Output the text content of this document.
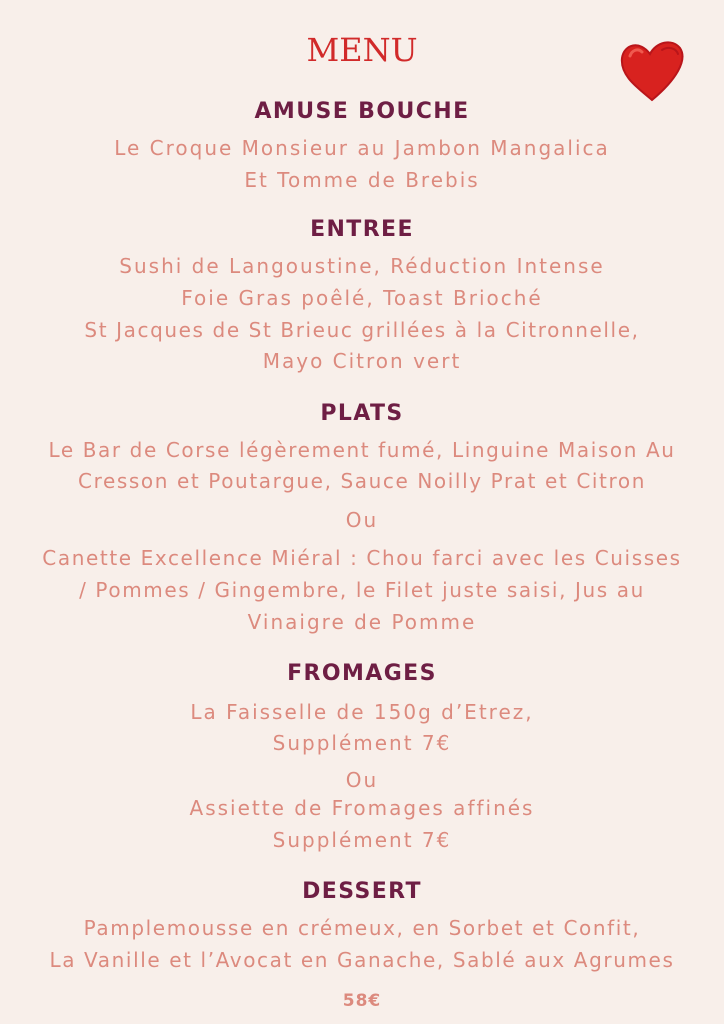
MENU
AMUSE BOUCHE
Le Croque Monsieur au Jambon Mangalica
Et Tomme de Brebis
ENTREE
Sushi de Langoustine, Réduction Intense
Foie Gras poêlé, Toast Brioché
St Jacques de St Brieuc grillées à la Citronnelle,
Mayo Citron vert
PLATS
Le Bar de Corse légèrement fumé, Linguine Maison Au
Cresson et Poutargue, Sauce Noilly Prat et Citron
Ou
Canette Excellence Miéral : Chou farci avec les Cuisses
/ Pommes / Gingembre, le Filet juste saisi, Jus au
Vinaigre de Pomme
FROMAGES
La Faisselle de 150g d’Etrez,
Supplément 7€
Ou
Assiette de Fromages affinés
Supplément 7€
DESSERT
Pamplemousse en crémeux, en Sorbet et Confit,
La Vanille et l’Avocat en Ganache, Sablé aux Agrumes
58€
